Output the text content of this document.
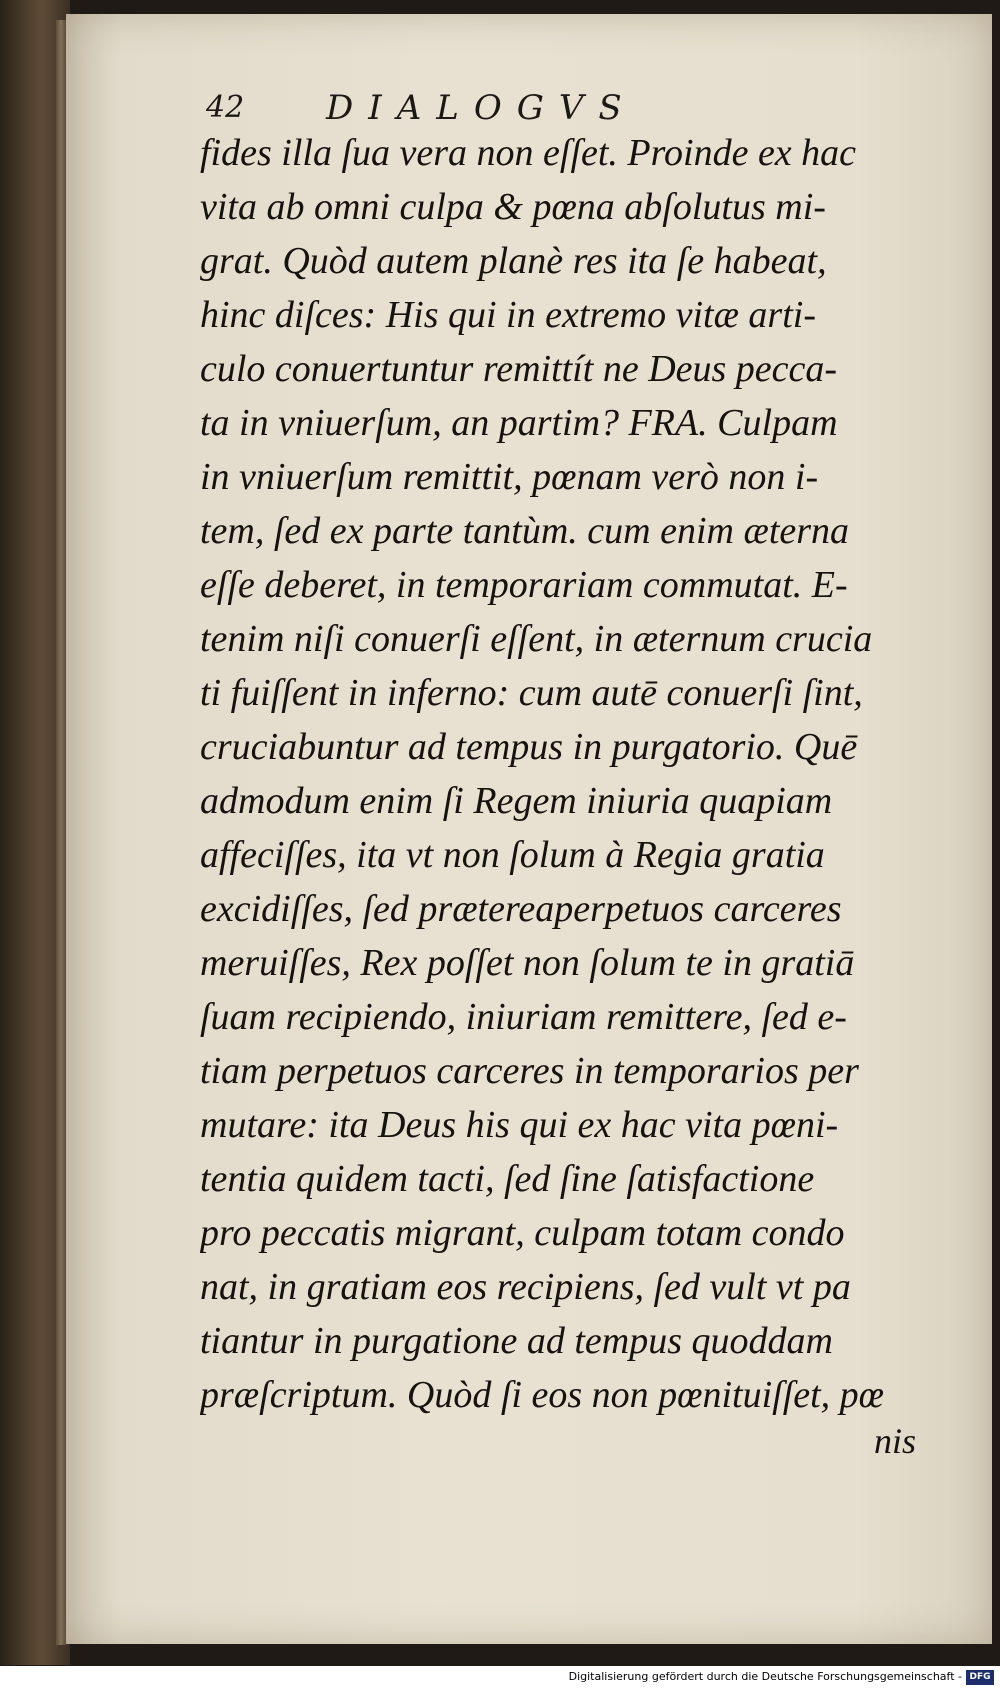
42 DIALOGVS
fides illa ſua vera non eſſet. Proinde ex hac
vita ab omni culpa & pœna abſolutus mi-
grat. Quòd autem planè res ita ſe habeat,
hinc diſces: His qui in extremo vitæ arti-
culo conuertuntur remittít ne Deus pecca-
ta in vniuerſum, an partim? FRA. Culpam
in vniuerſum remittit, pœnam verò non i-
tem, ſed ex parte tantùm. cum enim æterna
eſſe deberet, in temporariam commutat. E-
tenim niſi conuerſi eſſent, in æternum crucia
ti fuiſſent in inferno: cum autē conuerſi ſint,
cruciabuntur ad tempus in purgatorio. Quē
admodum enim ſi Regem iniuria quapiam
affeciſſes, ita vt non ſolum à Regia gratia
excidiſſes, ſed prætereaperpetuos carceres
meruiſſes, Rex poſſet non ſolum te in gratiā
ſuam recipiendo, iniuriam remittere, ſed e-
tiam perpetuos carceres in temporarios per
mutare: ita Deus his qui ex hac vita pœni-
tentia quidem tacti, ſed ſine ſatisfactione
pro peccatis migrant, culpam totam condo
nat, in gratiam eos recipiens, ſed vult vt pa
tiantur in purgatione ad tempus quoddam
præſcriptum. Quòd ſi eos non pœnituiſſet, pœ
nis
Digitalisierung gefördert durch die Deutsche Forschungsgemeinschaft - DFG
